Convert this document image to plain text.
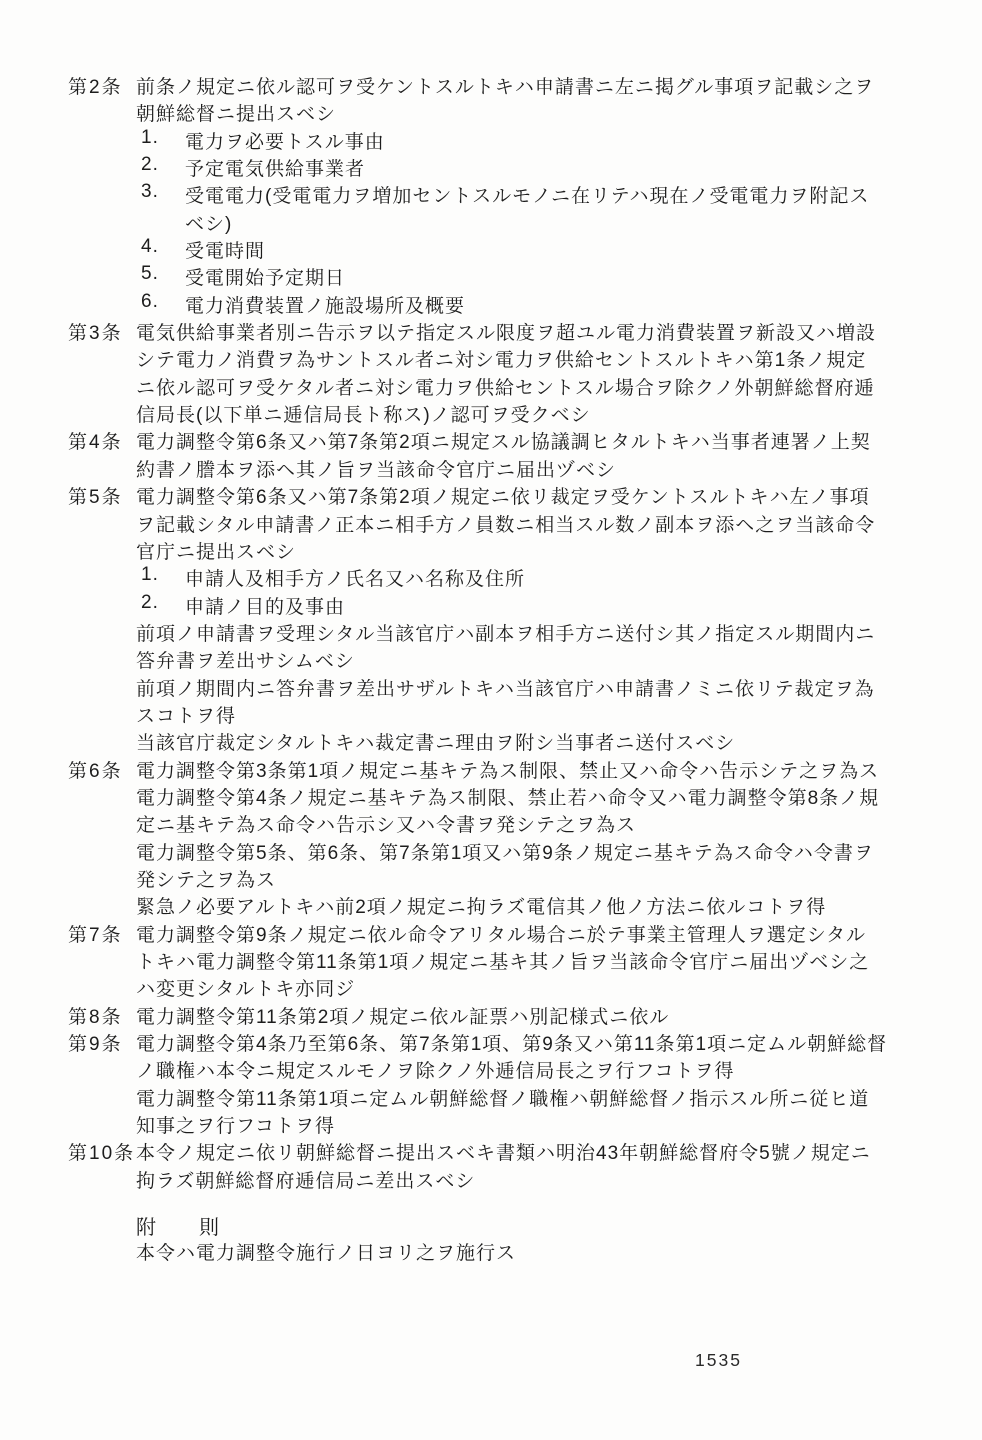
第2条 前条ノ規定ニ依ル認可ヲ受ケントスルトキハ申請書ニ左ニ掲グル事項ヲ記載シ之ヲ
朝鮮総督ニ提出スベシ
1. 電力ヲ必要トスル事由
2. 予定電気供給事業者
3. 受電電力(受電電力ヲ増加セントスルモノニ在リテハ現在ノ受電電力ヲ附記ス
ベシ)
4. 受電時間
5. 受電開始予定期日
6. 電力消費装置ノ施設場所及概要
第3条 電気供給事業者別ニ告示ヲ以テ指定スル限度ヲ超ユル電力消費装置ヲ新設又ハ増設
シテ電力ノ消費ヲ為サントスル者ニ対シ電力ヲ供給セントスルトキハ第1条ノ規定
ニ依ル認可ヲ受ケタル者ニ対シ電力ヲ供給セントスル場合ヲ除クノ外朝鮮総督府逓
信局長(以下単ニ逓信局長ト称ス)ノ認可ヲ受クベシ
第4条 電力調整令第6条又ハ第7条第2項ニ規定スル協議調ヒタルトキハ当事者連署ノ上契
約書ノ謄本ヲ添ヘ其ノ旨ヲ当該命令官庁ニ届出ヅベシ
第5条 電力調整令第6条又ハ第7条第2項ノ規定ニ依リ裁定ヲ受ケントスルトキハ左ノ事項
ヲ記載シタル申請書ノ正本ニ相手方ノ員数ニ相当スル数ノ副本ヲ添ヘ之ヲ当該命令
官庁ニ提出スベシ
1. 申請人及相手方ノ氏名又ハ名称及住所
2. 申請ノ目的及事由
前項ノ申請書ヲ受理シタル当該官庁ハ副本ヲ相手方ニ送付シ其ノ指定スル期間内ニ
答弁書ヲ差出サシムベシ
前項ノ期間内ニ答弁書ヲ差出サザルトキハ当該官庁ハ申請書ノミニ依リテ裁定ヲ為
スコトヲ得
当該官庁裁定シタルトキハ裁定書ニ理由ヲ附シ当事者ニ送付スベシ
第6条 電力調整令第3条第1項ノ規定ニ基キテ為ス制限、禁止又ハ命令ハ告示シテ之ヲ為ス
電力調整令第4条ノ規定ニ基キテ為ス制限、禁止若ハ命令又ハ電力調整令第8条ノ規
定ニ基キテ為ス命令ハ告示シ又ハ令書ヲ発シテ之ヲ為ス
電力調整令第5条、第6条、第7条第1項又ハ第9条ノ規定ニ基キテ為ス命令ハ令書ヲ
発シテ之ヲ為ス
緊急ノ必要アルトキハ前2項ノ規定ニ拘ラズ電信其ノ他ノ方法ニ依ルコトヲ得
第7条 電力調整令第9条ノ規定ニ依ル命令アリタル場合ニ於テ事業主管理人ヲ選定シタル
トキハ電力調整令第11条第1項ノ規定ニ基キ其ノ旨ヲ当該命令官庁ニ届出ヅベシ之
ハ変更シタルトキ亦同ジ
第8条 電力調整令第11条第2項ノ規定ニ依ル証票ハ別記様式ニ依ル
第9条 電力調整令第4条乃至第6条、第7条第1項、第9条又ハ第11条第1項ニ定ムル朝鮮総督
ノ職権ハ本令ニ規定スルモノヲ除クノ外逓信局長之ヲ行フコトヲ得
電力調整令第11条第1項ニ定ムル朝鮮総督ノ職権ハ朝鮮総督ノ指示スル所ニ従ヒ道
知事之ヲ行フコトヲ得
第10条 本令ノ規定ニ依リ朝鮮総督ニ提出スベキ書類ハ明治43年朝鮮総督府令5號ノ規定ニ
拘ラズ朝鮮総督府逓信局ニ差出スベシ
附　　則
本令ハ電力調整令施行ノ日ヨリ之ヲ施行ス
1535
